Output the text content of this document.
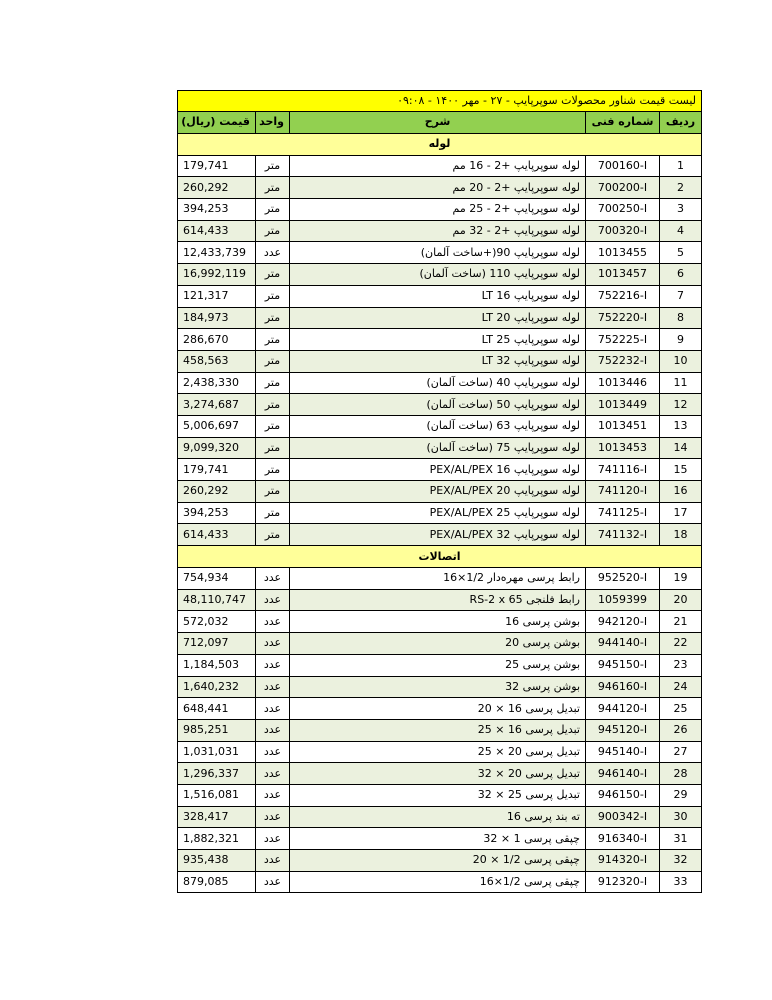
لیست قیمت شناور محصولات سوپرپایپ - ۲۷ - مهر ۱۴۰۰ - ۰۹:۰۸				
ردیف	شماره فنی	شرح	واحد	قیمت (ریال)
لوله				
1	700160-I	لوله سوپرپایپ +2 - 16 مم	متر	179,741
2	700200-I	لوله سوپرپایپ +2 - 20 مم	متر	260,292
3	700250-I	لوله سوپرپایپ +2 - 25 مم	متر	394,253
4	700320-I	لوله سوپرپایپ +2 - 32 مم	متر	614,433
5	1013455	لوله سوپرپایپ 90(+ساخت آلمان)	عدد	12,433,739
6	1013457	لوله سوپرپایپ 110 (ساخت آلمان)	متر	16,992,119
7	752216-I	لوله سوپرپایپ LT 16	متر	121,317
8	752220-I	لوله سوپرپایپ LT 20	متر	184,973
9	752225-I	لوله سوپرپایپ LT 25	متر	286,670
10	752232-I	لوله سوپرپایپ LT 32	متر	458,563
11	1013446	لوله سوپرپایپ 40 (ساخت آلمان)	متر	2,438,330
12	1013449	لوله سوپرپایپ 50 (ساخت آلمان)	متر	3,274,687
13	1013451	لوله سوپرپایپ 63 (ساخت آلمان)	متر	5,006,697
14	1013453	لوله سوپرپایپ 75 (ساخت آلمان)	متر	9,099,320
15	741116-I	لوله سوپرپایپ PEX/AL/PEX 16	متر	179,741
16	741120-I	لوله سوپرپایپ PEX/AL/PEX 20	متر	260,292
17	741125-I	لوله سوپرپایپ PEX/AL/PEX 25	متر	394,253
18	741132-I	لوله سوپرپایپ PEX/AL/PEX 32	متر	614,433
اتصالات				
19	952520-I	رابط پرسی مهره‌دار 1/2×16	عدد	754,934
20	1059399	رابط فلنجی RS-2 x 65	عدد	48,110,747
21	942120-I	بوشن پرسی 16	عدد	572,032
22	944140-I	بوشن پرسی 20	عدد	712,097
23	945150-I	بوشن پرسی 25	عدد	1,184,503
24	946160-I	بوشن پرسی 32	عدد	1,640,232
25	944120-I	تبدیل پرسی 16 × 20	عدد	648,441
26	945120-I	تبدیل پرسی 16 × 25	عدد	985,251
27	945140-I	تبدیل پرسی 20 × 25	عدد	1,031,031
28	946140-I	تبدیل پرسی 20 × 32	عدد	1,296,337
29	946150-I	تبدیل پرسی 25 × 32	عدد	1,516,081
30	900342-I	ته بند پرسی 16	عدد	328,417
31	916340-I	چپقی پرسی 1 × 32	عدد	1,882,321
32	914320-I	چپقی پرسی 1/2 × 20	عدد	935,438
33	912320-I	چپقی پرسی 1/2×16	عدد	879,085
